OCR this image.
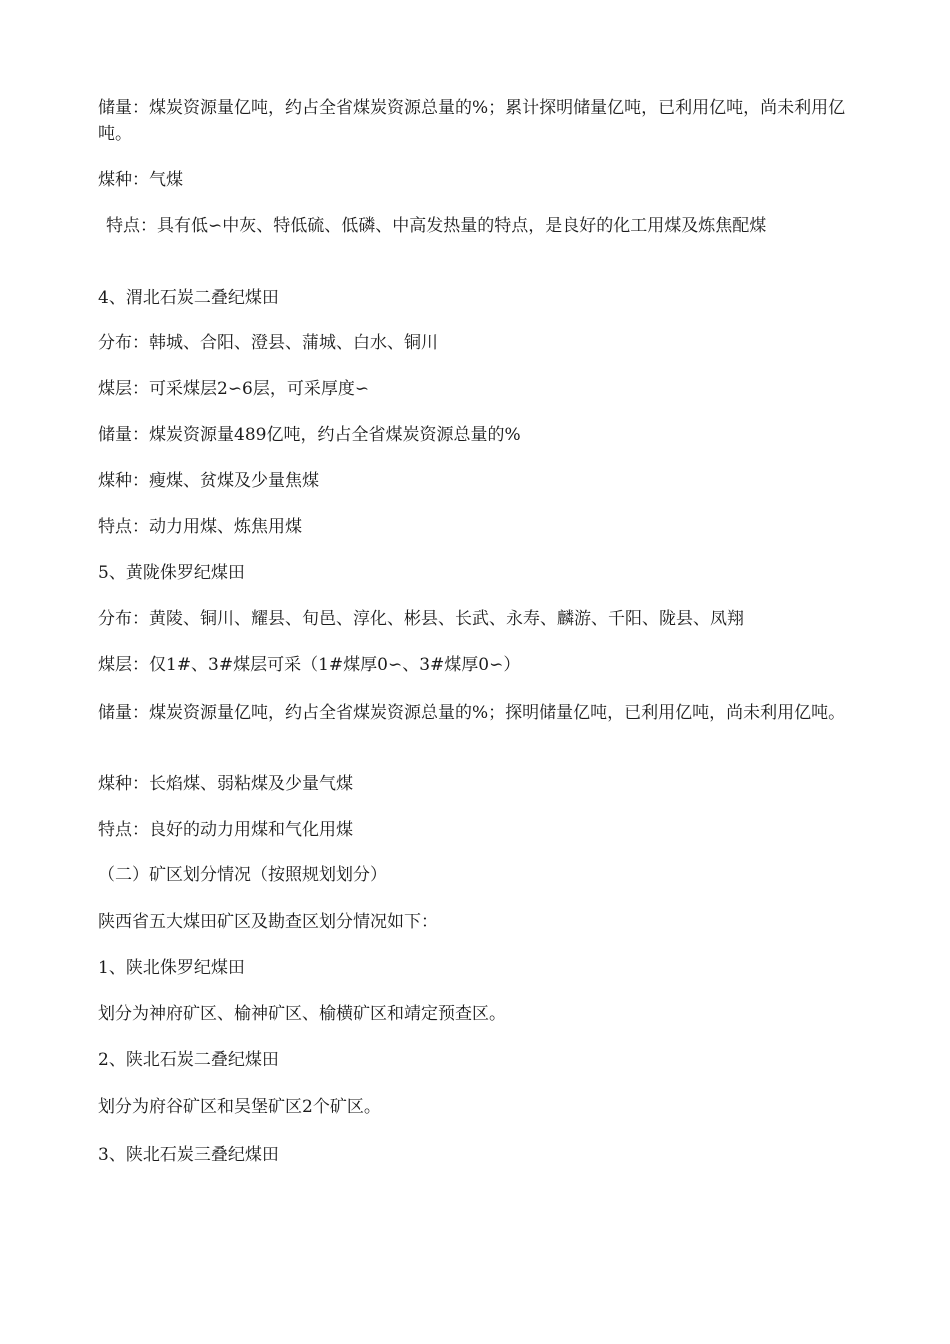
储量：煤炭资源量亿吨，约占全省煤炭资源总量的%；累计探明储量亿吨，已利用亿吨，尚未利用亿吨。
煤种：气煤
特点：具有低∽中灰、特低硫、低磷、中高发热量的特点，是良好的化工用煤及炼焦配煤
4、渭北石炭二叠纪煤田
分布：韩城、合阳、澄县、蒲城、白水、铜川
煤层：可采煤层2∽6层，可采厚度∽
储量：煤炭资源量489亿吨，约占全省煤炭资源总量的%
煤种：瘦煤、贫煤及少量焦煤
特点：动力用煤、炼焦用煤
5、黄陇侏罗纪煤田
分布：黄陵、铜川、耀县、旬邑、淳化、彬县、长武、永寿、麟游、千阳、陇县、凤翔
煤层：仅1#、3#煤层可采（1#煤厚0∽、3#煤厚0∽）
储量：煤炭资源量亿吨，约占全省煤炭资源总量的%；探明储量亿吨，已利用亿吨，尚未利用亿吨。
煤种：长焰煤、弱粘煤及少量气煤
特点：良好的动力用煤和气化用煤
（二）矿区划分情况（按照规划划分）
陕西省五大煤田矿区及勘查区划分情况如下：
1、陕北侏罗纪煤田
划分为神府矿区、榆神矿区、榆横矿区和靖定预查区。
2、陕北石炭二叠纪煤田
划分为府谷矿区和吴堡矿区2个矿区。
3、陕北石炭三叠纪煤田
